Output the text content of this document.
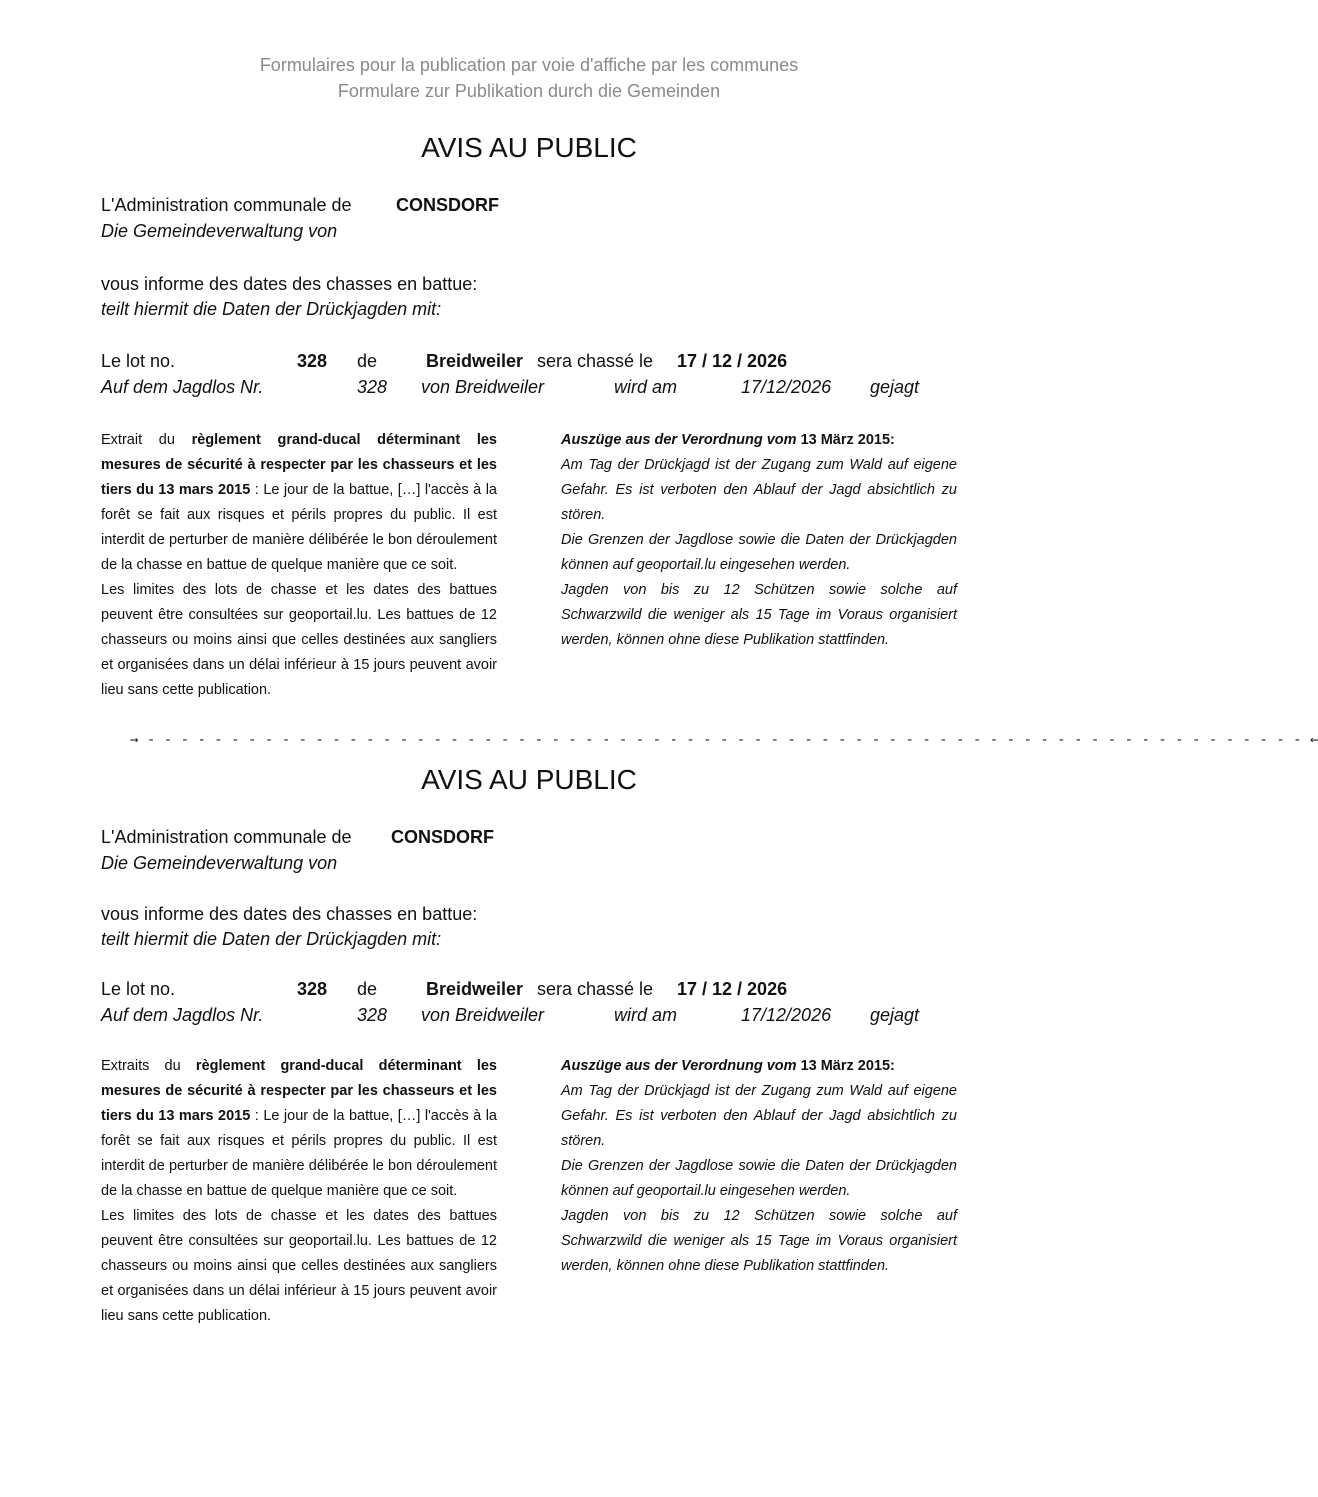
Formulaires pour la publication par voie d'affiche par les communes
Formulare zur Publikation durch die Gemeinden
AVIS AU PUBLIC
L'Administration communale de CONSDORF
Die Gemeindeverwaltung von
vous informe des dates des chasses en battue:
teilt hiermit die Daten der Drückjagden mit:
Le lot no.	328 de	Breidweiler sera chassé le 17 / 12 / 2026
Auf dem Jagdlos Nr.	328 von Breidweiler	wird am	17/12/2026 gejagt

Extrait du règlement grand-ducal déterminant les mesures de sécurité à respecter par les chasseurs et les tiers du 13 mars 2015 : Le jour de la battue, […] l'accès à la forêt se fait aux risques et périls propres du public. Il est interdit de perturber de manière délibérée le bon déroulement de la chasse en battue de quelque manière que ce soit.

Les limites des lots de chasse et les dates des battues peuvent être consultées sur geoportail.lu. Les battues de 12 chasseurs ou moins ainsi que celles destinées aux sangliers et organisées dans un délai inférieur à 15 jours peuvent avoir lieu sans cette publication.

Auszüge aus der Verordnung vom 13 März 2015:

Am Tag der Drückjagd ist der Zugang zum Wald auf eigene Gefahr. Es ist verboten den Ablauf der Jagd absichtlich zu stören.

Die Grenzen der Jagdlose sowie die Daten der Drückjagden können auf geoportail.lu eingesehen werden.

Jagden von bis zu 12 Schützen sowie solche auf Schwarzwild die weniger als 15 Tage im Voraus organisiert werden, können ohne diese Publikation stattfinden.

→ - - - - - - - - - - - - - - - - - - - - - - - - - - - - - - - - - - - - - - - - - - - - - - - - - - - - - - - - - - - - - - - - - - - - - ←
AVIS AU PUBLIC
L'Administration communale de CONSDORF
Die Gemeindeverwaltung von
vous informe des dates des chasses en battue:
teilt hiermit die Daten der Drückjagden mit:
Le lot no.	328 de	Breidweiler sera chassé le 17 / 12 / 2026
Auf dem Jagdlos Nr.	328 von Breidweiler	wird am	17/12/2026 gejagt

Extraits du règlement grand-ducal déterminant les mesures de sécurité à respecter par les chasseurs et les tiers du 13 mars 2015 : Le jour de la battue, […] l'accès à la forêt se fait aux risques et périls propres du public. Il est interdit de perturber de manière délibérée le bon déroulement de la chasse en battue de quelque manière que ce soit.

Les limites des lots de chasse et les dates des battues peuvent être consultées sur geoportail.lu. Les battues de 12 chasseurs ou moins ainsi que celles destinées aux sangliers et organisées dans un délai inférieur à 15 jours peuvent avoir lieu sans cette publication.

Auszüge aus der Verordnung vom 13 März 2015:

Am Tag der Drückjagd ist der Zugang zum Wald auf eigene Gefahr. Es ist verboten den Ablauf der Jagd absichtlich zu stören.

Die Grenzen der Jagdlose sowie die Daten der Drückjagden können auf geoportail.lu eingesehen werden.

Jagden von bis zu 12 Schützen sowie solche auf Schwarzwild die weniger als 15 Tage im Voraus organisiert werden, können ohne diese Publikation stattfinden.
